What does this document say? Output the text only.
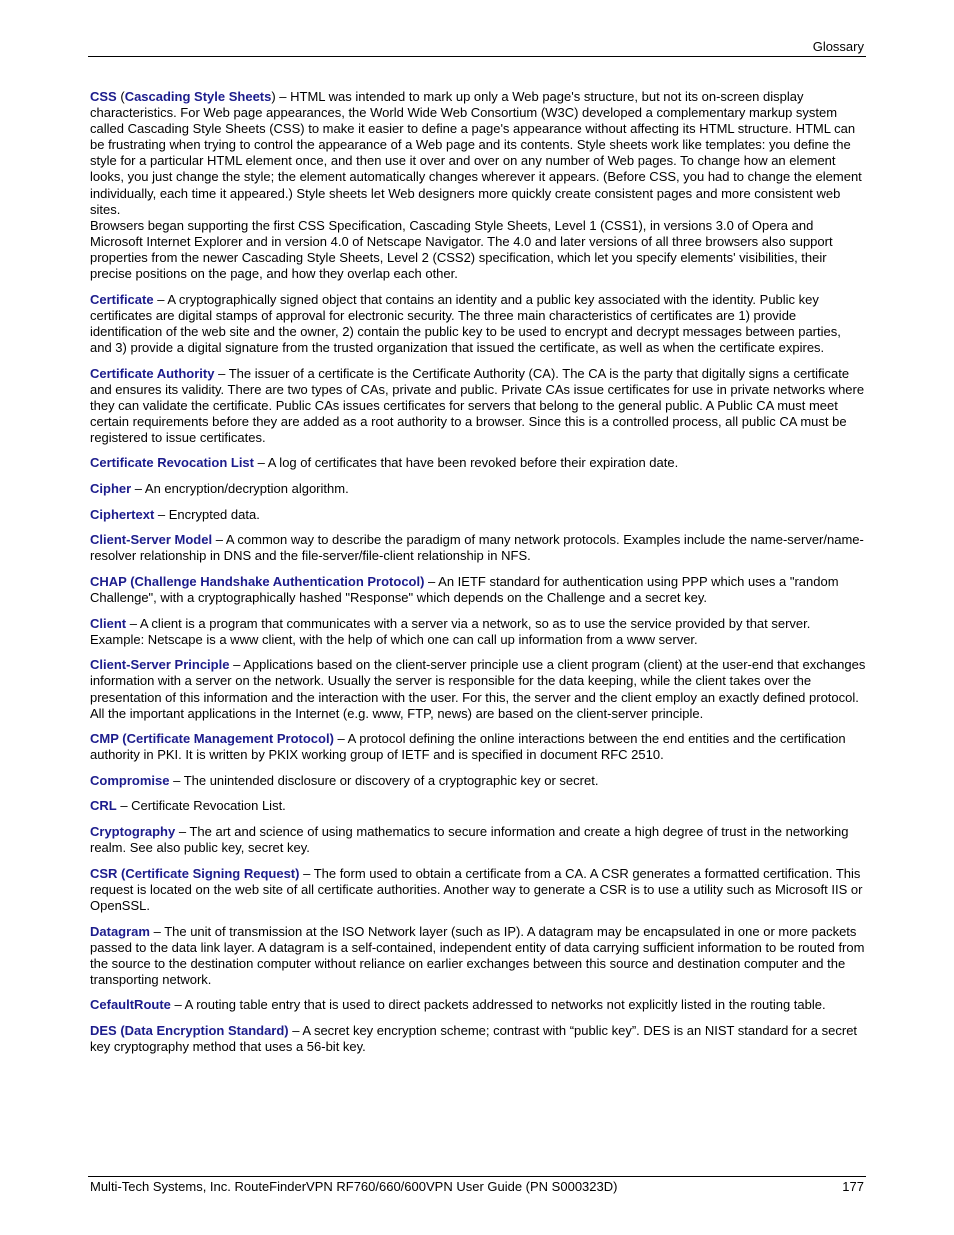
Glossary

CSS (Cascading Style Sheets) – HTML was intended to mark up only a Web page's structure, but not its on-screen display characteristics. For Web page appearances, the World Wide Web Consortium (W3C) developed a complementary markup system called Cascading Style Sheets (CSS) to make it easier to define a page's appearance without affecting its HTML structure. HTML can be frustrating when trying to control the appearance of a Web page and its contents. Style sheets work like templates: you define the style for a particular HTML element once, and then use it over and over on any number of Web pages. To change how an element looks, you just change the style; the element automatically changes wherever it appears. (Before CSS, you had to change the element individually, each time it appeared.) Style sheets let Web designers more quickly create consistent pages and more consistent web sites.

Browsers began supporting the first CSS Specification, Cascading Style Sheets, Level 1 (CSS1), in versions 3.0 of Opera and Microsoft Internet Explorer and in version 4.0 of Netscape Navigator. The 4.0 and later versions of all three browsers also support properties from the newer Cascading Style Sheets, Level 2 (CSS2) specification, which let you specify elements' visibilities, their precise positions on the page, and how they overlap each other.

Certificate – A cryptographically signed object that contains an identity and a public key associated with the identity. Public key certificates are digital stamps of approval for electronic security. The three main characteristics of certificates are 1) provide identification of the web site and the owner, 2) contain the public key to be used to encrypt and decrypt messages between parties, and 3) provide a digital signature from the trusted organization that issued the certificate, as well as when the certificate expires.

Certificate Authority – The issuer of a certificate is the Certificate Authority (CA). The CA is the party that digitally signs a certificate and ensures its validity. There are two types of CAs, private and public. Private CAs issue certificates for use in private networks where they can validate the certificate. Public CAs issues certificates for servers that belong to the general public. A Public CA must meet certain requirements before they are added as a root authority to a browser. Since this is a controlled process, all public CA must be registered to issue certificates.

Certificate Revocation List – A log of certificates that have been revoked before their expiration date.

Cipher – An encryption/decryption algorithm.

Ciphertext – Encrypted data.

Client-Server Model – A common way to describe the paradigm of many network protocols. Examples include the name-server/name-resolver relationship in DNS and the file-server/file-client relationship in NFS.

CHAP (Challenge Handshake Authentication Protocol) – An IETF standard for authentication using PPP which uses a "random Challenge", with a cryptographically hashed "Response" which depends on the Challenge and a secret key.

Client – A client is a program that communicates with a server via a network, so as to use the service provided by that server. Example: Netscape is a www client, with the help of which one can call up information from a www server.

Client-Server Principle – Applications based on the client-server principle use a client program (client) at the user-end that exchanges information with a server on the network. Usually the server is responsible for the data keeping, while the client takes over the presentation of this information and the interaction with the user. For this, the server and the client employ an exactly defined protocol. All the important applications in the Internet (e.g. www, FTP, news) are based on the client-server principle.

CMP (Certificate Management Protocol) – A protocol defining the online interactions between the end entities and the certification authority in PKI. It is written by PKIX working group of IETF and is specified in document RFC 2510.

Compromise – The unintended disclosure or discovery of a cryptographic key or secret.

CRL – Certificate Revocation List.

Cryptography – The art and science of using mathematics to secure information and create a high degree of trust in the networking realm. See also public key, secret key.

CSR (Certificate Signing Request) – The form used to obtain a certificate from a CA. A CSR generates a formatted certification. This request is located on the web site of all certificate authorities. Another way to generate a CSR is to use a utility such as Microsoft IIS or OpenSSL.

Datagram – The unit of transmission at the ISO Network layer (such as IP). A datagram may be encapsulated in one or more packets passed to the data link layer. A datagram is a self-contained, independent entity of data carrying sufficient information to be routed from the source to the destination computer without reliance on earlier exchanges between this source and destination computer and the transporting network.

CefaultRoute – A routing table entry that is used to direct packets addressed to networks not explicitly listed in the routing table.

DES (Data Encryption Standard) – A secret key encryption scheme; contrast with “public key”. DES is an NIST standard for a secret key cryptography method that uses a 56-bit key.

Multi-Tech Systems, Inc. RouteFinderVPN RF760/660/600VPN User Guide (PN S000323D)	177
